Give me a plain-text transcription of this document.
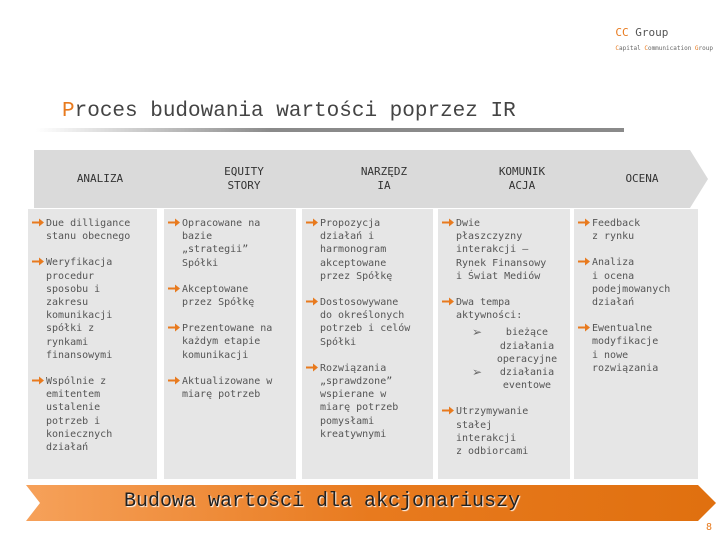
CC Group
Capital Communication Group
Proces budowania wartości poprzez IR
ANALIZA
EQUITY
STORY
NARZĘDZ
IA
KOMUNIK
ACJA
OCENA
Due dilligance
stanu obecnego
Weryfikacja
procedur
sposobu i
zakresu
komunikacji
spółki z
rynkami
finansowymi
Wspólnie z
emitentem
ustalenie
potrzeb i
koniecznych
działań
Opracowane na
bazie
„strategii”
Spółki
Akceptowane
przez Spółkę
Prezentowane na
każdym etapie
komunikacji
Aktualizowane w
miarę potrzeb
Propozycja
działań i
harmonogram
akceptowane
przez Spółkę
Dostosowywane
do określonych
potrzeb i celów
Spółki
Rozwiązania
„sprawdzone”
wspierane w
miarę potrzeb
pomysłami
kreatywnymi
Dwie
płaszczyzny
interakcji –
Rynek Finansowy
i Świat Mediów
Dwa tempa
aktywności:
➢ bieżące
działania
operacyjne
➢ działania
eventowe
Utrzymywanie
stałej
interakcji
z odbiorcami
Feedback
z rynku
Analiza
i ocena
podejmowanych
działań
Ewentualne
modyfikacje
i nowe
rozwiązania
Budowa wartości dla akcjonariuszy
8
